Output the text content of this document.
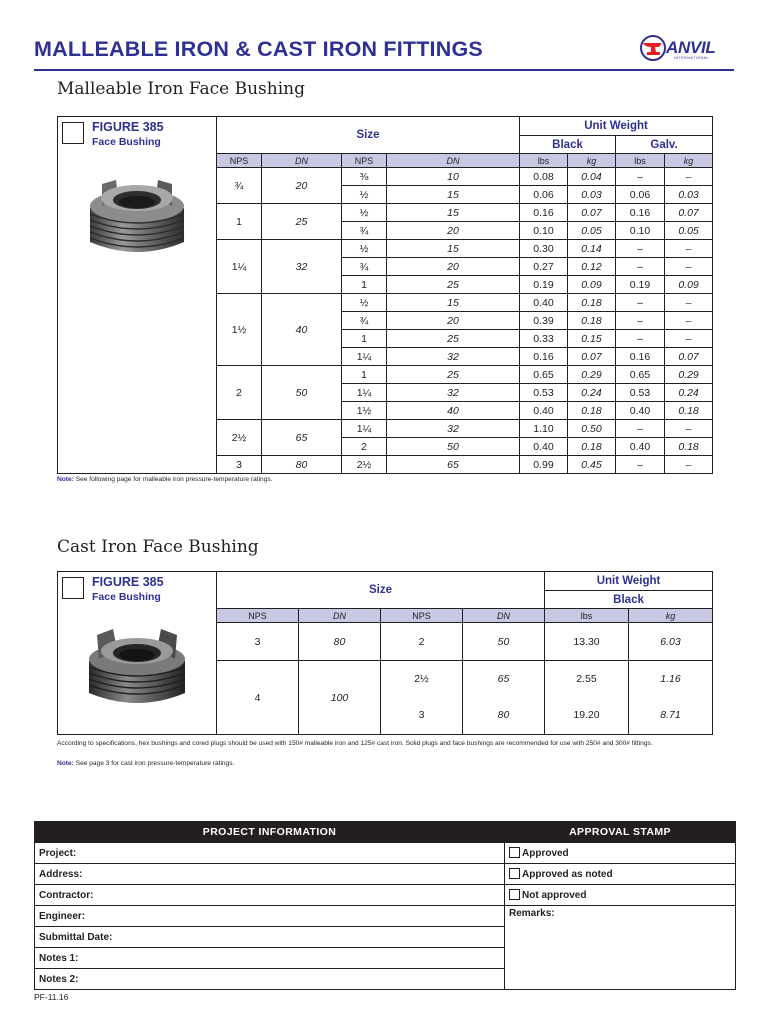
MALLEABLE IRON & CAST IRON FITTINGS	ANVIL
INTERNATIONAL
Malleable Iron Face Bushing
FIGURE 385
Face Bushing	Size				Unit Weight			
					Black		Galv.	

	NPS	DN	NPS	DN	lbs	kg	lbs	kg
	¾	20	⅜	10	0.08	0.04	–	–
			½	15	0.06	0.03	0.06	0.03
	1	25	½	15	0.16	0.07	0.16	0.07
			¾	20	0.10	0.05	0.10	0.05
	1¼	32	½	15	0.30	0.14	–	–
			¾	20	0.27	0.12	–	–
			1	25	0.19	0.09	0.19	0.09
	1½	40	½	15	0.40	0.18	–	–
			¾	20	0.39	0.18	–	–
			1	25	0.33	0.15	–	–
			1¼	32	0.16	0.07	0.16	0.07
	2	50	1	25	0.65	0.29	0.65	0.29
			1¼	32	0.53	0.24	0.53	0.24
			1½	40	0.40	0.18	0.40	0.18
	2½	65	1¼	32	1.10	0.50	–	–
			2	50	0.40	0.18	0.40	0.18
	3	80	2½	65	0.99	0.45	–	–
Note: See following page for malleable iron pressure-temperature ratings.
Cast Iron Face Bushing
FIGURE 385
Face Bushing	Size				Unit Weight	
					Black	

	NPS	DN	NPS	DN	lbs	kg
	3	80	2	50	13.30	6.03
	4	100	2½	65	2.55	1.16
			3	80	19.20	8.71
According to specifications, hex bushings and cored plugs should be used with 150# malleable iron and 125# cast iron. Solid plugs and face bushings are recommended for use with 250# and 300# fittings.
Note: See page 3 for cast iron pressure-temperature ratings.
PROJECT INFORMATION	APPROVAL STAMP
Project:	Approved
Address:	Approved as noted
Contractor:	Not approved
Engineer:	Remarks:
Submittal Date:	
Notes 1:	
Notes 2:	
PF-11.16
